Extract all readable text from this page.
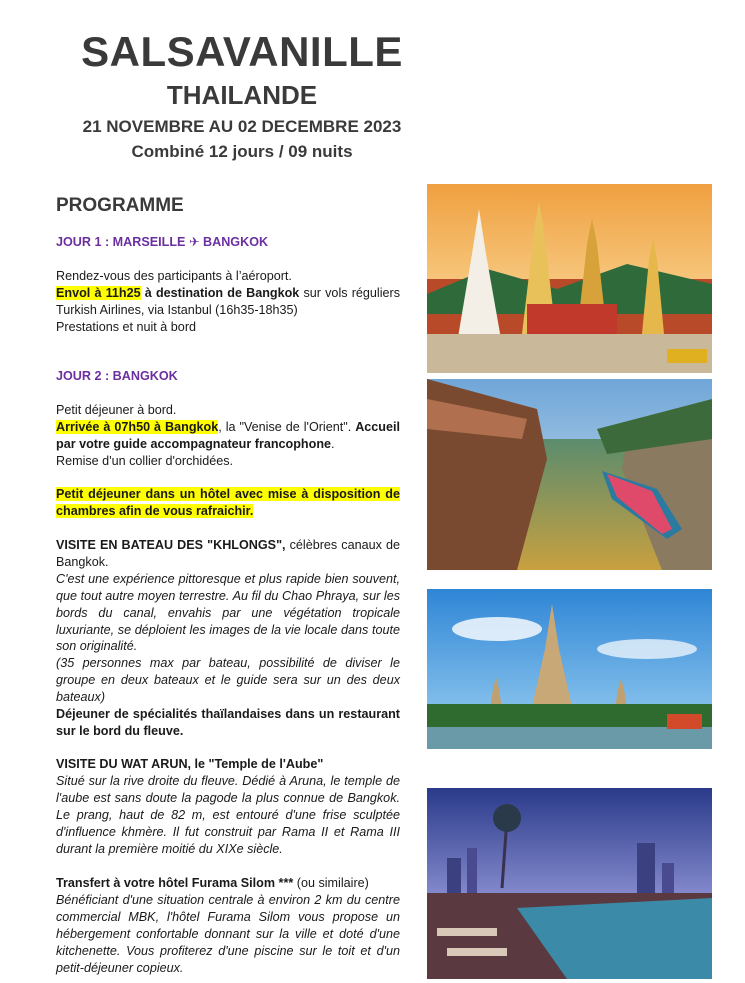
SALSAVANILLE
THAILANDE
21 NOVEMBRE AU 02 DECEMBRE 2023
Combiné 12 jours / 09 nuits
PROGRAMME

JOUR 1 : MARSEILLE ✈ BANGKOK

Rendez-vous des participants à l’aéroport.

Envol à 11h25 à destination de Bangkok sur vols réguliers Turkish Airlines, via Istanbul (16h35-18h35)

Prestations et nuit à bord

JOUR 2 : BANGKOK

Petit déjeuner à bord.

Arrivée à 07h50 à Bangkok, la "Venise de l'Orient". Accueil par votre guide accompagnateur francophone.

Remise d'un collier d'orchidées.

Petit déjeuner dans un hôtel avec mise à disposition de chambres afin de vous rafraichir.

VISITE EN BATEAU DES "KHLONGS", célèbres canaux de Bangkok.

C'est une expérience pittoresque et plus rapide bien souvent, que tout autre moyen terrestre. Au fil du Chao Phraya, sur les bords du canal, envahis par une végétation tropicale luxuriante, se déploient les images de la vie locale dans toute son originalité.

(35 personnes max par bateau, possibilité de diviser le groupe en deux bateaux et le guide sera sur un des deux bateaux)

Déjeuner de spécialités thaïlandaises dans un restaurant sur le bord du fleuve.

VISITE DU WAT ARUN, le "Temple de l'Aube"

Situé sur la rive droite du fleuve. Dédié à Aruna, le temple de l'aube est sans doute la pagode la plus connue de Bangkok. Le prang, haut de 82 m, est entouré d'une frise sculptée d'influence khmère. Il fut construit par Rama II et Rama III durant la première moitié du XIXe siècle.

Transfert à votre hôtel Furama Silom *** (ou similaire)

Bénéficiant d'une situation centrale à environ 2 km du centre commercial MBK, l'hôtel Furama Silom vous propose un hébergement confortable donnant sur la ville et doté d'une kitchenette. Vous profiterez d'une piscine sur le toit et d'un petit-déjeuner copieux.
